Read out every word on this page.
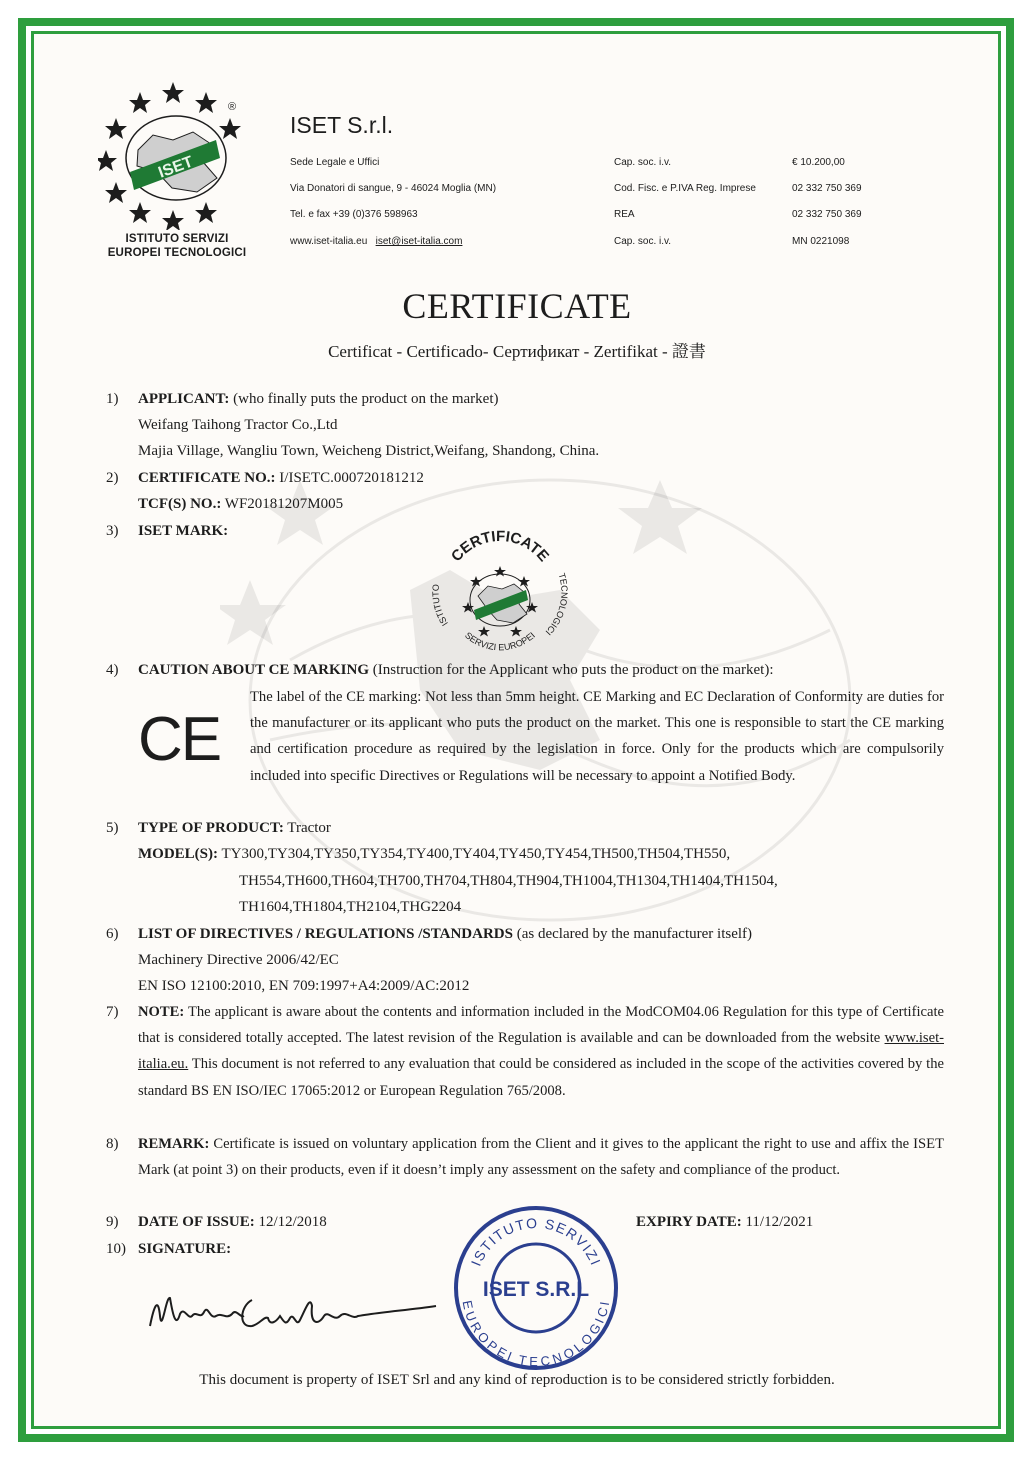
ISET
®
ISTITUTO SERVIZI
EUROPEI TECNOLOGICI
ISET S.r.l.
Sede Legale e Uffici
Via Donatori di sangue, 9 - 46024 Moglia (MN)
Tel. e fax +39 (0)376 598963
www.iset-italia.eu iset@iset-italia.com
Cap. soc. i.v.
Cod. Fisc. e P.IVA Reg. Imprese
REA
Cap. soc. i.v.
€ 10.200,00
02 332 750 369
02 332 750 369
MN 0221098
CERTIFICATE
Certificat - Certificado- Сертификат - Zertifikat - 證書
1)
2)
3)
4)
5)
6)
7)
8)
9)
10)
APPLICANT: (who finally puts the product on the market)
Weifang Taihong Tractor Co.,Ltd
Majia Village, Wangliu Town, Weicheng District,Weifang, Shandong, China.
CERTIFICATE NO.: I/ISETC.000720181212
TCF(S) NO.: WF20181207M005
ISET MARK:
CERTIFICATE
ISTITUTO
TECNOLOGICI
SERVIZI EUROPEI
CAUTION ABOUT CE MARKING (Instruction for the Applicant who puts the product on the market):
CE
The label of the CE marking: Not less than 5mm height. CE Marking and EC Declaration of Conformity are duties for the manufacturer or its applicant who puts the product on the market. This one is responsible to start the CE marking and certification procedure as required by the legislation in force. Only for the products which are compulsorily included into specific Directives or Regulations will be necessary to appoint a Notified Body.
TYPE OF PRODUCT: Tractor
MODEL(S): TY300,TY304,TY350,TY354,TY400,TY404,TY450,TY454,TH500,TH504,TH550,
TH554,TH600,TH604,TH700,TH704,TH804,TH904,TH1004,TH1304,TH1404,TH1504,
TH1604,TH1804,TH2104,THG2204
LIST OF DIRECTIVES / REGULATIONS /STANDARDS (as declared by the manufacturer itself)
Machinery Directive 2006/42/EC
EN ISO 12100:2010, EN 709:1997+A4:2009/AC:2012
NOTE: The applicant is aware about the contents and information included in the ModCOM04.06 Regulation for this type of Certificate that is considered totally accepted. The latest revision of the Regulation is available and can be downloaded from the website www.iset-italia.eu. This document is not referred to any evaluation that could be considered as included in the scope of the activities covered by the standard BS EN ISO/IEC 17065:2012 or European Regulation 765/2008.
REMARK: Certificate is issued on voluntary application from the Client and it gives to the applicant the right to use and affix the ISET Mark (at point 3) on their products, even if it doesn’t imply any assessment on the safety and compliance of the product.
DATE OF ISSUE: 12/12/2018	EXPIRY DATE: 11/12/2021
SIGNATURE:
ISTITUTO SERVIZI
EUROPEI TECNOLOGICI
ISET S.R.L
This document is property of ISET Srl and any kind of reproduction is to be considered strictly forbidden.
